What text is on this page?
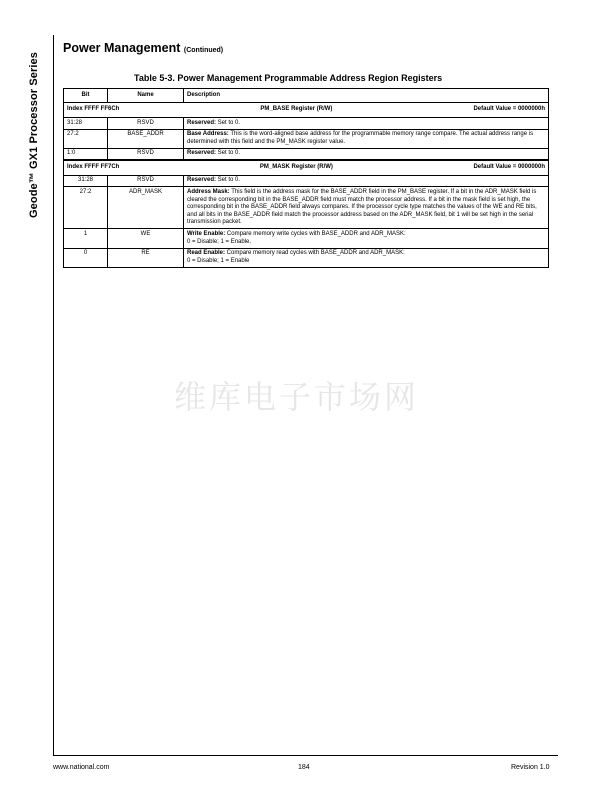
Geode™ GX1 Processor Series
Power Management (Continued)
Table 5-3. Power Management Programmable Address Region Registers
Bit	Name	Description

Index FFFF FF6Ch PM_BASE Register (R/W) Default Value = 0000000h		

31:28	RSVD	Reserved: Set to 0.
27:2	BASE_ADDR	Base Address: This is the word-aligned base address for the programmable memory range compare. The actual address range is determined with this field and the PM_MASK register value.
1:0	RSVD	Reserved: Set to 0.

Index FFFF FF7Ch PM_MASK Register (R/W) Default Value = 0000000h		

31:28	RSVD	Reserved: Set to 0.
27:2	ADR_MASK	Address Mask: This field is the address mask for the BASE_ADDR field in the PM_BASE register. If a bit in the ADR_MASK field is cleared the corresponding bit in the BASE_ADDR field must match the processor address. If a bit in the mask field is set high, the corresponding bit in the BASE_ADDR field always compares. If the processor cycle type matches the values of the WE and RE bits, and all bits in the BASE_ADDR field match the processor address based on the ADR_MASK field, bit 1 will be set high in the serial transmission packet.
1	WE	Write Enable: Compare memory write cycles with BASE_ADDR and ADR_MASK:
0 = Disable; 1 = Enable.
0	RE	Read Enable: Compare memory read cycles with BASE_ADDR and ADR_MASK:
0 = Disable; 1 = Enable
维库电子市场网
www.national.com	184	Revision 1.0
